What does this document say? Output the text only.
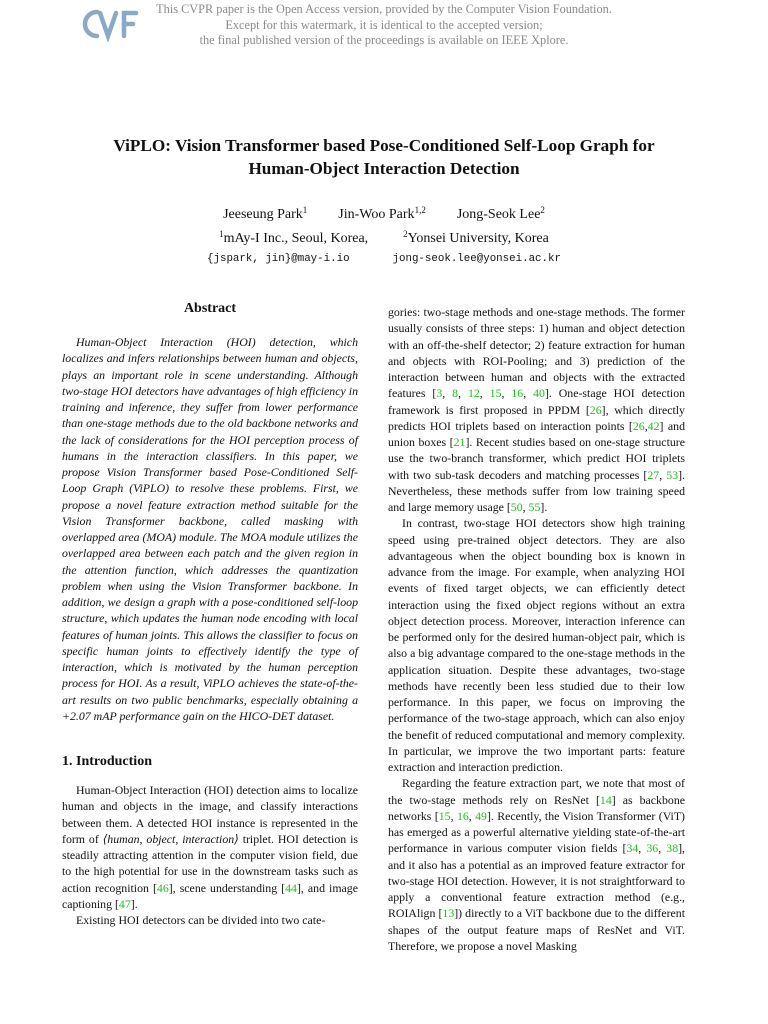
This CVPR paper is the Open Access version, provided by the Computer Vision Foundation.
Except for this watermark, it is identical to the accepted version;
the final published version of the proceedings is available on IEEE Xplore.
ViPLO: Vision Transformer based Pose-Conditioned Self-Loop Graph for
Human-Object Interaction Detection
Jeeseung Park$^1$ Jin-Woo Park$^{1,2}$ Jong-Seok Lee$^2$
$^1$mAy-I Inc., Seoul, Korea,	$^2$Yonsei University, Korea
{jspark, jin}@may-i.io	jong-seok.lee@yonsei.ac.kr
Abstract

Human-Object Interaction (HOI) detection, which localizes and infers relationships between human and objects, plays an important role in scene understanding. Although two-stage HOI detectors have advantages of high efficiency in training and inference, they suffer from lower performance than one-stage methods due to the old backbone networks and the lack of considerations for the HOI perception process of humans in the interaction classifiers. In this paper, we propose Vision Transformer based Pose-Conditioned Self-Loop Graph (ViPLO) to resolve these problems. First, we propose a novel feature extraction method suitable for the Vision Transformer backbone, called masking with overlapped area (MOA) module. The MOA module utilizes the overlapped area between each patch and the given region in the attention function, which addresses the quantization problem when using the Vision Transformer backbone. In addition, we design a graph with a pose-conditioned self-loop structure, which updates the human node encoding with local features of human joints. This allows the classifier to focus on specific human joints to effectively identify the type of interaction, which is motivated by the human perception process for HOI. As a result, ViPLO achieves the state-of-the-art results on two public benchmarks, especially obtaining a +2.07 mAP performance gain on the HICO-DET dataset.

1. Introduction

Human-Object Interaction (HOI) detection aims to localize human and objects in the image, and classify interactions between them. A detected HOI instance is represented in the form of ⟨human, object, interaction⟩ triplet. HOI detection is steadily attracting attention in the computer vision field, due to the high potential for use in the downstream tasks such as action recognition [46], scene understanding [44], and image captioning [47].

Existing HOI detectors can be divided into two cate-

gories: two-stage methods and one-stage methods. The former usually consists of three steps: 1) human and object detection with an off-the-shelf detector; 2) feature extraction for human and objects with ROI-Pooling; and 3) prediction of the interaction between human and objects with the extracted features [3, 8, 12, 15, 16, 40]. One-stage HOI detection framework is first proposed in PPDM [26], which directly predicts HOI triplets based on interaction points [26,42] and union boxes [21]. Recent studies based on one-stage structure use the two-branch transformer, which predict HOI triplets with two sub-task decoders and matching processes [27, 53]. Nevertheless, these methods suffer from low training speed and large memory usage [50, 55].

In contrast, two-stage HOI detectors show high training speed using pre-trained object detectors. They are also advantageous when the object bounding box is known in advance from the image. For example, when analyzing HOI events of fixed target objects, we can efficiently detect interaction using the fixed object regions without an extra object detection process. Moreover, interaction inference can be performed only for the desired human-object pair, which is also a big advantage compared to the one-stage methods in the application situation. Despite these advantages, two-stage methods have recently been less studied due to their low performance. In this paper, we focus on improving the performance of the two-stage approach, which can also enjoy the benefit of reduced computational and memory complexity. In particular, we improve the two important parts: feature extraction and interaction prediction.

Regarding the feature extraction part, we note that most of the two-stage methods rely on ResNet [14] as backbone networks [15, 16, 49]. Recently, the Vision Transformer (ViT) has emerged as a powerful alternative yielding state-of-the-art performance in various computer vision fields [34, 36, 38], and it also has a potential as an improved feature extractor for two-stage HOI detection. However, it is not straightforward to apply a conventional feature extraction method (e.g., ROIAlign [13]) directly to a ViT backbone due to the different shapes of the output feature maps of ResNet and ViT. Therefore, we propose a novel Masking
